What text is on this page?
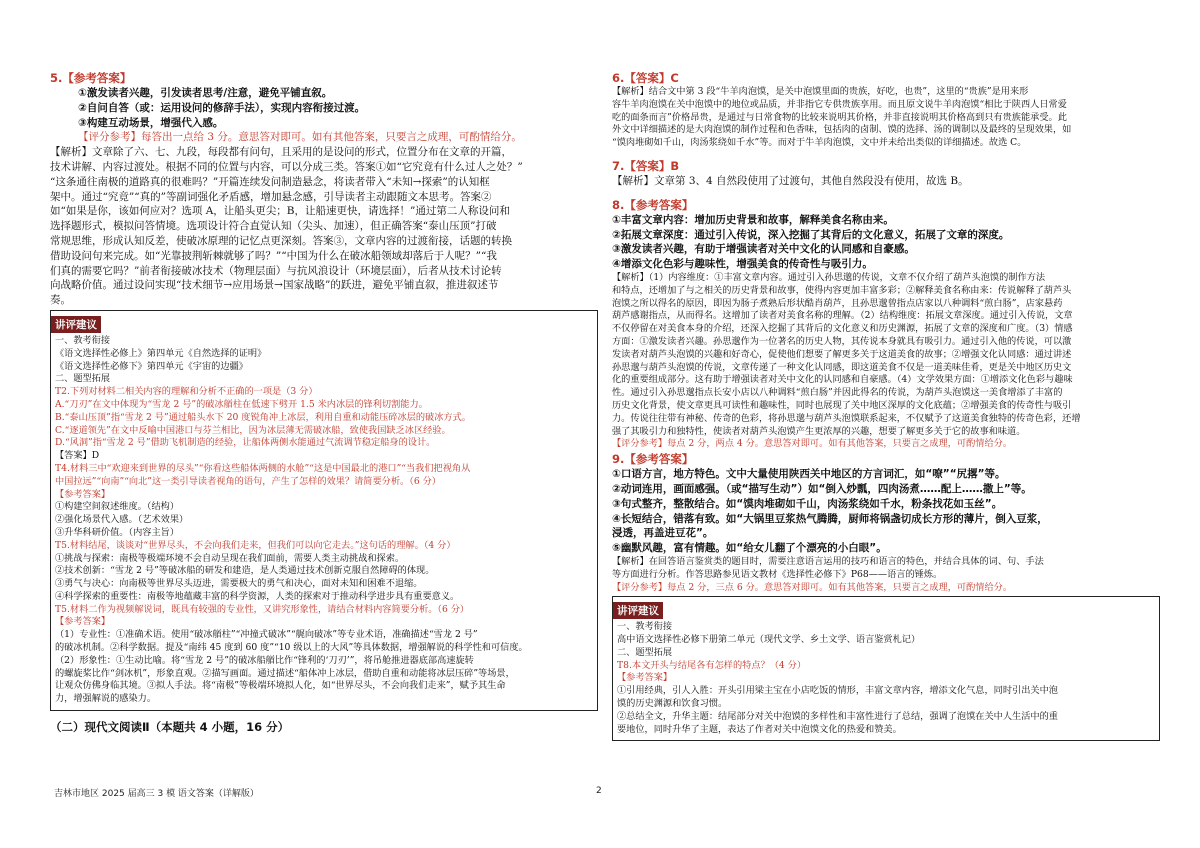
5.【参考答案】
①激发读者兴趣，引发读者思考/注意，避免平铺直叙。
②自问自答（或：运用设问的修辞手法），实现内容衔接过渡。
③构建互动场景，增强代入感。
【评分参考】每答出一点给 3 分。意思答对即可。如有其他答案，只要言之成理，可酌情给分。
【解析】文章除了六、七、九段，每段都有问句，且采用的是设问的形式，位置分布在文章的开篇，
技术讲解、内容过渡处。根据不同的位置与内容，可以分成三类。答案①如“它究竟有什么过人之处？”
“这条通往南极的道路真的很难吗？”开篇连续发问制造悬念，将读者带入“未知→探索”的认知框
架中。通过“究竟”“真的”等副词强化矛盾感，增加悬念感，引导读者主动跟随文本思考。答案②
如“如果是你，该如何应对？选项 A，让船头更尖；B，让船速更快，请选择！”通过第二人称设问和
选择题形式，模拟问答情境。选项设计符合直觉认知（尖头、加速），但正确答案“泰山压顶”打破
常规思维，形成认知反差，使破冰原理的记忆点更深刻。答案③，文章内容的过渡衔接，话题的转换
借助设问句来完成。如“光靠披荆斩棘就够了吗？”“中国为什么在破冰船领域却落后于人呢？”“我
们真的需要它吗？”前者衔接破冰技术（物理层面）与抗风浪设计（环境层面），后者从技术讨论转
向战略价值。通过设问实现“技术细节→应用场景→国家战略”的跃进，避免平铺直叙，推进叙述节
奏。
讲评建议
一、教考衔接
《语文选择性必修上》第四单元《自然选择的证明》
《语文选择性必修下》第四单元《宇宙的边疆》
二、题型拓展
T2.下列对材料二相关内容的理解和分析不正确的一项是（3 分）
A.“刀刃”在文中体现为“雪龙 2 号”的破冰艏柱在低速下劈开 1.5 米内冰层的锋利切割能力。
B.“泰山压顶”指“雪龙 2 号”通过船头水下 20 度锐角冲上冰层，利用自重和动能压碎冰层的破冰方式。
C.“逐道领先”在文中反喻中国港口与芬兰相比，因为冰层薄无需破冰船，致使我国缺乏冰区经验。
D.“风洞”指“雪龙 2 号”借助飞机制造的经验，让船体两侧水能通过气流调节稳定船身的设计。
【答案】D
T4.材料三中“欢迎来到世界的尽头”“你看这些船体两侧的水舱”“这是中国最北的港口”“当我们把视角从
中国拉远”“向南”“向北”这一类引导读者视角的语句，产生了怎样的效果？请简要分析。（6 分）
【参考答案】
①构建空间叙述维度。（结构）
②强化场景代入感。（艺术效果）
③升华科研价值。（内容主旨）
T5.材料结尾，谈谈对“世界尽头，不会向我们走来，但我们可以向它走去。”这句话的理解。（4 分）
①挑战与探索：南极等极端环境不会自动呈现在我们面前，需要人类主动挑战和探索。
②技术创新：“雪龙 2 号”等破冰船的研发和建造，是人类通过技术创新克服自然障碍的体现。
③勇气与决心：向南极等世界尽头迈进，需要极大的勇气和决心，面对未知和困难不退缩。
④科学探索的重要性：南极等地蕴藏丰富的科学资源，人类的探索对于推动科学进步具有重要意义。
T5.材料二作为视频解说词，既具有较强的专业性，又讲究形象性，请结合材料内容简要分析。（6 分）
【参考答案】
（1）专业性：①准确术语。使用“破冰艏柱”“冲撞式破冰”“艉向破冰”等专业术语，准确描述“雪龙 2 号”
的破冰机制。②科学数据。提及“南纬 45 度到 60 度”“10 级以上的大风”等具体数据，增强解说的科学性和可信度。
（2）形象性：①生动比喻。将“雪龙 2 号”的破冰船艏比作“锋利的‘刀刃’”，将吊舱推进器底部高速旋转
的螺旋桨比作“剑冰机”，形象直观。②描写画面。通过描述“船体冲上冰层，借助自重和动能将冰层压碎”等场景，
让观众仿佛身临其境。③拟人手法。将“南极”等极端环境拟人化，如“世界尽头，不会向我们走来”，赋予其生命
力，增强解说的感染力。
（二）现代文阅读Ⅱ（本题共 4 小题，16 分）
6.【答案】C
【解析】结合文中第 3 段“牛羊肉泡馍，是关中泡馍里面的贵族，好吃，也贵”，这里的“贵族”是用来形
容牛羊肉泡馍在关中泡馍中的地位或品质，并非指它专供贵族享用。而且原文说牛羊肉泡馍“相比于陕西人日常爱
吃的面条而言”价格昂贵，是通过与日常食物的比较来说明其价格，并非直接说明其价格高到只有贵族能承受。此
外文中详细描述的是大肉泡馍的制作过程和色香味，包括肉的卤制、馍的选择、汤的调制以及最终的呈现效果，如
“馍肉堆砌如千山，肉汤浆绕如千水”等。而对于牛羊肉泡馍，文中并未给出类似的详细描述。故选 C。
7.【答案】B
【解析】文章第 3、4 自然段使用了过渡句，其他自然段没有使用，故选 B。
8.【参考答案】
①丰富文章内容：增加历史背景和故事，解释美食名称由来。
②拓展文章深度：通过引入传说，深入挖掘了其背后的文化意义，拓展了文章的深度。
③激发读者兴趣，有助于增强读者对关中文化的认同感和自豪感。
④增添文化色彩与趣味性，增强美食的传奇性与吸引力。
【解析】（1）内容维度：①丰富文章内容。通过引入孙思邈的传说，文章不仅介绍了葫芦头泡馍的制作方法
和特点，还增加了与之相关的历史背景和故事，使得内容更加丰富多彩；②解释美食名称由来：传说解释了葫芦头
泡馍之所以得名的原因，即因为肠子煮熟后形状酷肖葫芦，且孙思邈曾指点店家以八种调料“煎白肠”，店家悬药
葫芦感谢指点，从而得名。这增加了读者对美食名称的理解。（2）结构维度：拓展文章深度。通过引入传说，文章
不仅停留在对美食本身的介绍，还深入挖掘了其背后的文化意义和历史渊源，拓展了文章的深度和广度。（3）情感
方面：①激发读者兴趣。孙思邈作为一位著名的历史人物，其传说本身就具有吸引力。通过引入他的传说，可以激
发读者对葫芦头泡馍的兴趣和好奇心，促使他们想要了解更多关于这道美食的故事；②增强文化认同感：通过讲述
孙思邈与葫芦头泡馍的传说，文章传递了一种文化认同感，即这道美食不仅是一道美味佳肴，更是关中地区历史文
化的重要组成部分。这有助于增强读者对关中文化的认同感和自豪感。（4）文学效果方面：①增添文化色彩与趣味
性。通过引入孙思邈指点长安小店以八种调料“煎白肠”并因此得名的传说，为葫芦头泡馍这一美食增添了丰富的
历史文化背景，使文章更具可读性和趣味性，同时也展现了关中地区深厚的文化底蕴；②增强美食的传奇性与吸引
力。传说往往带有神秘、传奇的色彩，将孙思邈与葫芦头泡馍联系起来，不仅赋予了这道美食独特的传奇色彩，还增
强了其吸引力和独特性，使读者对葫芦头泡馍产生更浓厚的兴趣，想要了解更多关于它的故事和味道。
【评分参考】每点 2 分，两点 4 分。意思答对即可。如有其他答案，只要言之成理，可酌情给分。
9.【参考答案】
①口语方言，地方特色。文中大量使用陕西关中地区的方言词汇，如“嘹”“尻撂”等。
②动词连用，画面感强。（或“描写生动”）如“倒入炒瓢，四肉汤煮……配上……撒上”等。
③句式整齐，整散结合。如“馍肉堆砌如千山，肉汤浆绕如千水，粉条找花如玉丝”。
④长短结合，错落有致。如“大锅里豆浆热气腾腾，厨师将锅盏切成长方形的薄片，倒入豆浆，
浸透，再盖进豆花”。
⑤幽默风趣，富有情趣。如“给女儿翻了个漂亮的小白眼”。
【解析】在回答语言鉴赏类的题目时，需要注意语言运用的技巧和语言的特色，并结合具体的词、句、手法
等方面进行分析。作答思路参见语文教材《选择性必修下》P68——语言的锤炼。
【评分参考】每点 2 分，三点 6 分。意思答对即可。如有其他答案，只要言之成理，可酌情给分。
讲评建议
一、教考衔接
高中语文选择性必修下册第二单元（现代文学、乡土文学、语言鉴赏札记）
二、题型拓展
T8.本文开头与结尾各有怎样的特点？（4 分）
【参考答案】
①引用经典，引人入胜：开头引用梁主宝在小店吃饭的情形，丰富文章内容，增添文化气息，同时引出关中泡
馍的历史渊源和饮食习惯。
②总结全文，升华主题：结尾部分对关中泡馍的多样性和丰富性进行了总结，强调了泡馍在关中人生活中的重
要地位，同时升华了主题，表达了作者对关中泡馍文化的热爱和赞美。
吉林市地区 2025 届高三 3 模 语文答案（详解版）	2
